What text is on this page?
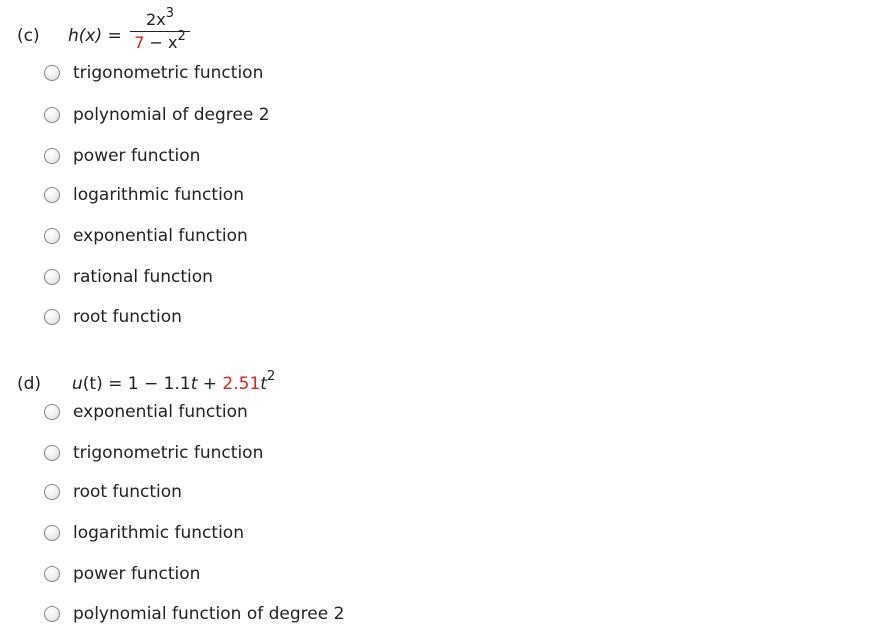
(c) $h(x) = \frac{2x^3}{7 - x^2}$
trigonometric function
polynomial of degree 2
power function
logarithmic function
exponential function
rational function
root function
(d) $u(t) = 1 - 1.1t + 2.51t^2$
exponential function
trigonometric function
root function
logarithmic function
power function
polynomial function of degree 2
